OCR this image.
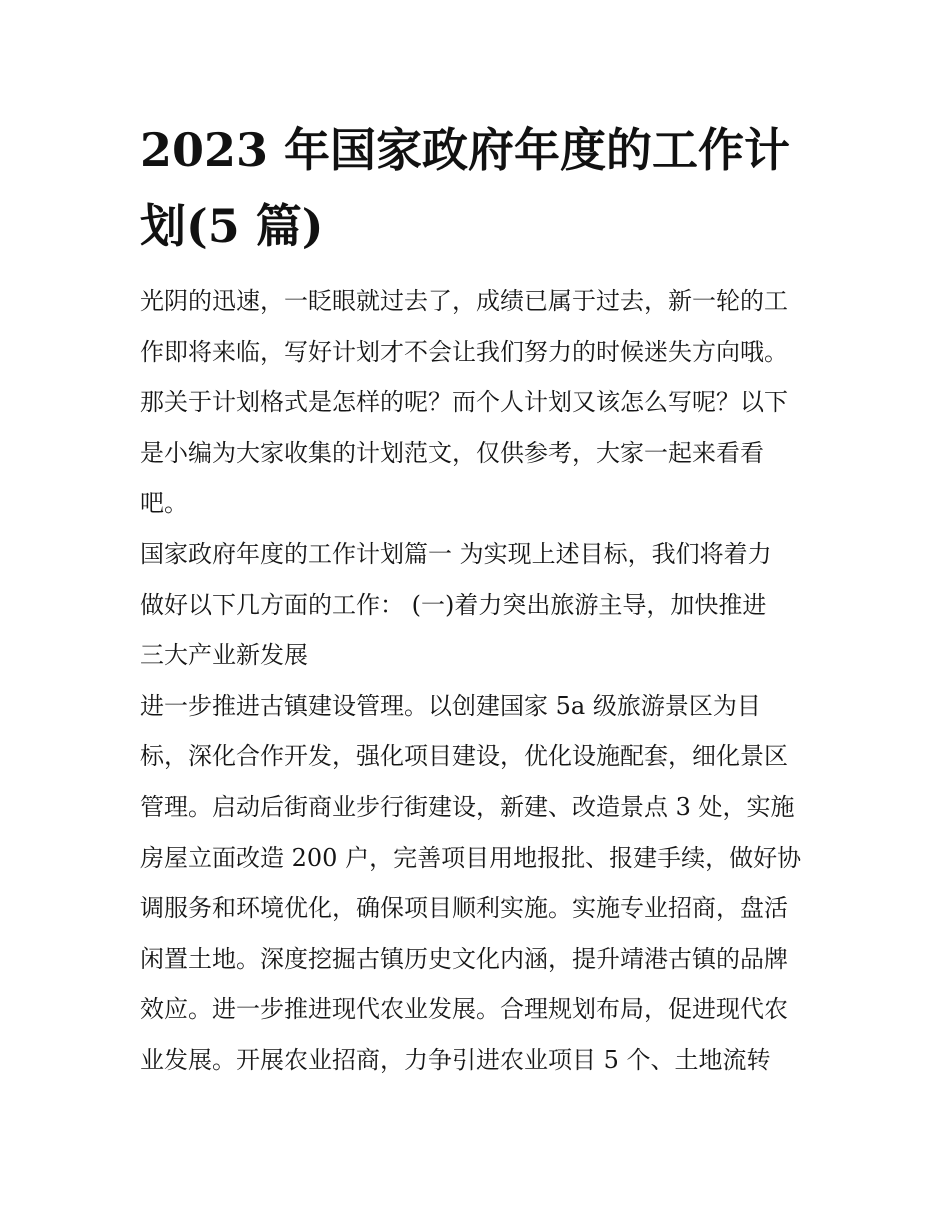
2023 年国家政府年度的工作计
划(5 篇)
光阴的迅速，一眨眼就过去了，成绩已属于过去，新一轮的工
作即将来临，写好计划才不会让我们努力的时候迷失方向哦。
那关于计划格式是怎样的呢？而个人计划又该怎么写呢？以下
是小编为大家收集的计划范文，仅供参考，大家一起来看看
吧。
国家政府年度的工作计划篇一 为实现上述目标，我们将着力
做好以下几方面的工作： (一)着力突出旅游主导，加快推进
三大产业新发展
进一步推进古镇建设管理。以创建国家 5a 级旅游景区为目
标，深化合作开发，强化项目建设，优化设施配套，细化景区
管理。启动后街商业步行街建设，新建、改造景点 3 处，实施
房屋立面改造 200 户，完善项目用地报批、报建手续，做好协
调服务和环境优化，确保项目顺利实施。实施专业招商，盘活
闲置土地。深度挖掘古镇历史文化内涵，提升靖港古镇的品牌
效应。进一步推进现代农业发展。合理规划布局，促进现代农
业发展。开展农业招商，力争引进农业项目 5 个、土地流转
